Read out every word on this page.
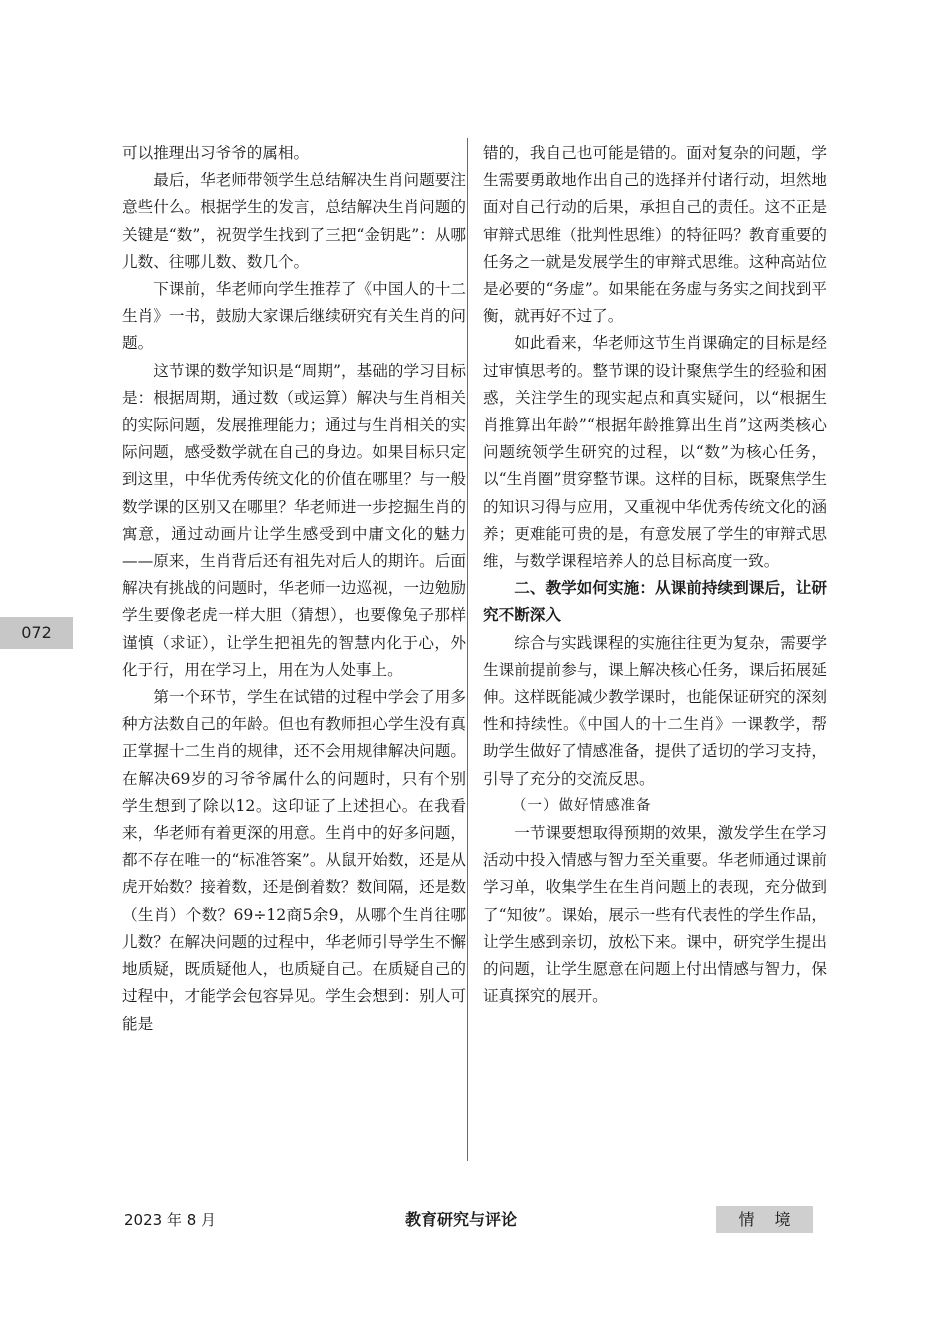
可以推理出习爷爷的属相。

最后，华老师带领学生总结解决生肖问题要注意些什么。根据学生的发言，总结解决生肖问题的关键是“数”，祝贺学生找到了三把“金钥匙”：从哪儿数、往哪儿数、数几个。

下课前，华老师向学生推荐了《中国人的十二生肖》一书，鼓励大家课后继续研究有关生肖的问题。

这节课的数学知识是“周期”，基础的学习目标是：根据周期，通过数（或运算）解决与生肖相关的实际问题，发展推理能力；通过与生肖相关的实际问题，感受数学就在自己的身边。如果目标只定到这里，中华优秀传统文化的价值在哪里？与一般数学课的区别又在哪里？华老师进一步挖掘生肖的寓意，通过动画片让学生感受到中庸文化的魅力——原来，生肖背后还有祖先对后人的期许。后面解决有挑战的问题时，华老师一边巡视，一边勉励学生要像老虎一样大胆（猜想），也要像兔子那样谨慎（求证），让学生把祖先的智慧内化于心，外化于行，用在学习上，用在为人处事上。

第一个环节，学生在试错的过程中学会了用多种方法数自己的年龄。但也有教师担心学生没有真正掌握十二生肖的规律，还不会用规律解决问题。在解决69岁的习爷爷属什么的问题时，只有个别学生想到了除以12。这印证了上述担心。在我看来，华老师有着更深的用意。生肖中的好多问题，都不存在唯一的“标准答案”。从鼠开始数，还是从虎开始数？接着数，还是倒着数？数间隔，还是数（生肖）个数？69÷12商5余9，从哪个生肖往哪儿数？在解决问题的过程中，华老师引导学生不懈地质疑，既质疑他人，也质疑自己。在质疑自己的过程中，才能学会包容异见。学生会想到：别人可能是

错的，我自己也可能是错的。面对复杂的问题，学生需要勇敢地作出自己的选择并付诸行动，坦然地面对自己行动的后果，承担自己的责任。这不正是审辩式思维（批判性思维）的特征吗？教育重要的任务之一就是发展学生的审辩式思维。这种高站位是必要的“务虚”。如果能在务虚与务实之间找到平衡，就再好不过了。

如此看来，华老师这节生肖课确定的目标是经过审慎思考的。整节课的设计聚焦学生的经验和困惑，关注学生的现实起点和真实疑问，以“根据生肖推算出年龄”“根据年龄推算出生肖”这两类核心问题统领学生研究的过程，以“数”为核心任务，以“生肖圈”贯穿整节课。这样的目标，既聚焦学生的知识习得与应用，又重视中华优秀传统文化的涵养；更难能可贵的是，有意发展了学生的审辩式思维，与数学课程培养人的总目标高度一致。

二、教学如何实施：从课前持续到课后，让研究不断深入

综合与实践课程的实施往往更为复杂，需要学生课前提前参与，课上解决核心任务，课后拓展延伸。这样既能减少教学课时，也能保证研究的深刻性和持续性。《中国人的十二生肖》一课教学，帮助学生做好了情感准备，提供了适切的学习支持，引导了充分的交流反思。

（一）做好情感准备

一节课要想取得预期的效果，激发学生在学习活动中投入情感与智力至关重要。华老师通过课前学习单，收集学生在生肖问题上的表现，充分做到了“知彼”。课始，展示一些有代表性的学生作品，让学生感到亲切，放松下来。课中，研究学生提出的问题，让学生愿意在问题上付出情感与智力，保证真探究的展开。

072
2023 年 8 月	教育研究与评论	情境
